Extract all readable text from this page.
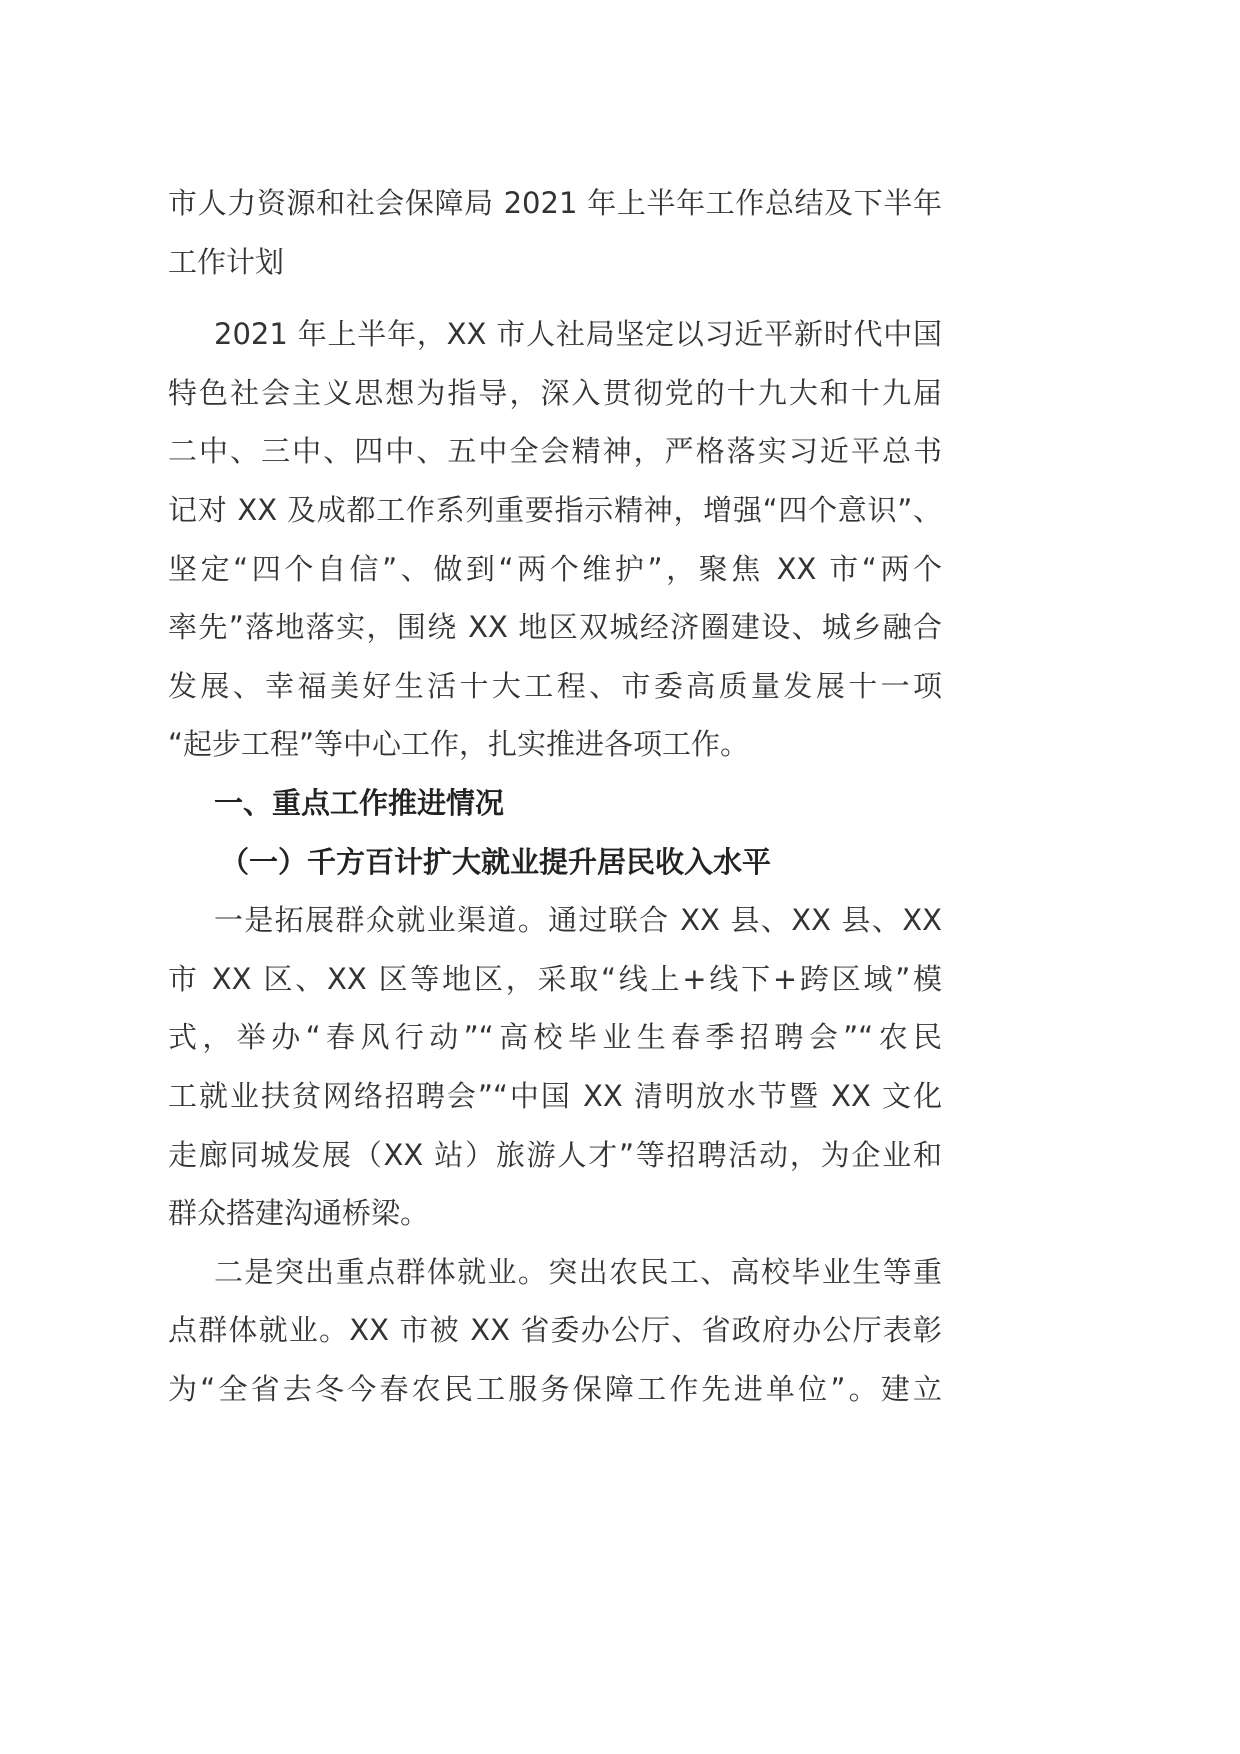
市人力资源和社会保障局 2021 年上半年工作总结及下半年
工作计划
2021 年上半年，XX 市人社局坚定以习近平新时代中国
特色社会主义思想为指导，深入贯彻党的十九大和十九届
二中、三中、四中、五中全会精神，严格落实习近平总书
记对 XX 及成都工作系列重要指示精神，增强“四个意识”、
坚定“四个自信”、做到“两个维护”，聚焦 XX 市“两个
率先”落地落实，围绕 XX 地区双城经济圈建设、城乡融合
发展、幸福美好生活十大工程、市委高质量发展十一项
“起步工程”等中心工作，扎实推进各项工作。
一、重点工作推进情况
（一）千方百计扩大就业提升居民收入水平
一是拓展群众就业渠道。通过联合 XX 县、XX 县、XX
市 XX 区、XX 区等地区，采取“线上+线下+跨区域”模
式，举办“春风行动”“高校毕业生春季招聘会”“农民
工就业扶贫网络招聘会”“中国 XX 清明放水节暨 XX 文化
走廊同城发展（XX 站）旅游人才”等招聘活动，为企业和
群众搭建沟通桥梁。
二是突出重点群体就业。突出农民工、高校毕业生等重
点群体就业。XX 市被 XX 省委办公厅、省政府办公厅表彰
为“全省去冬今春农民工服务保障工作先进单位”。建立
